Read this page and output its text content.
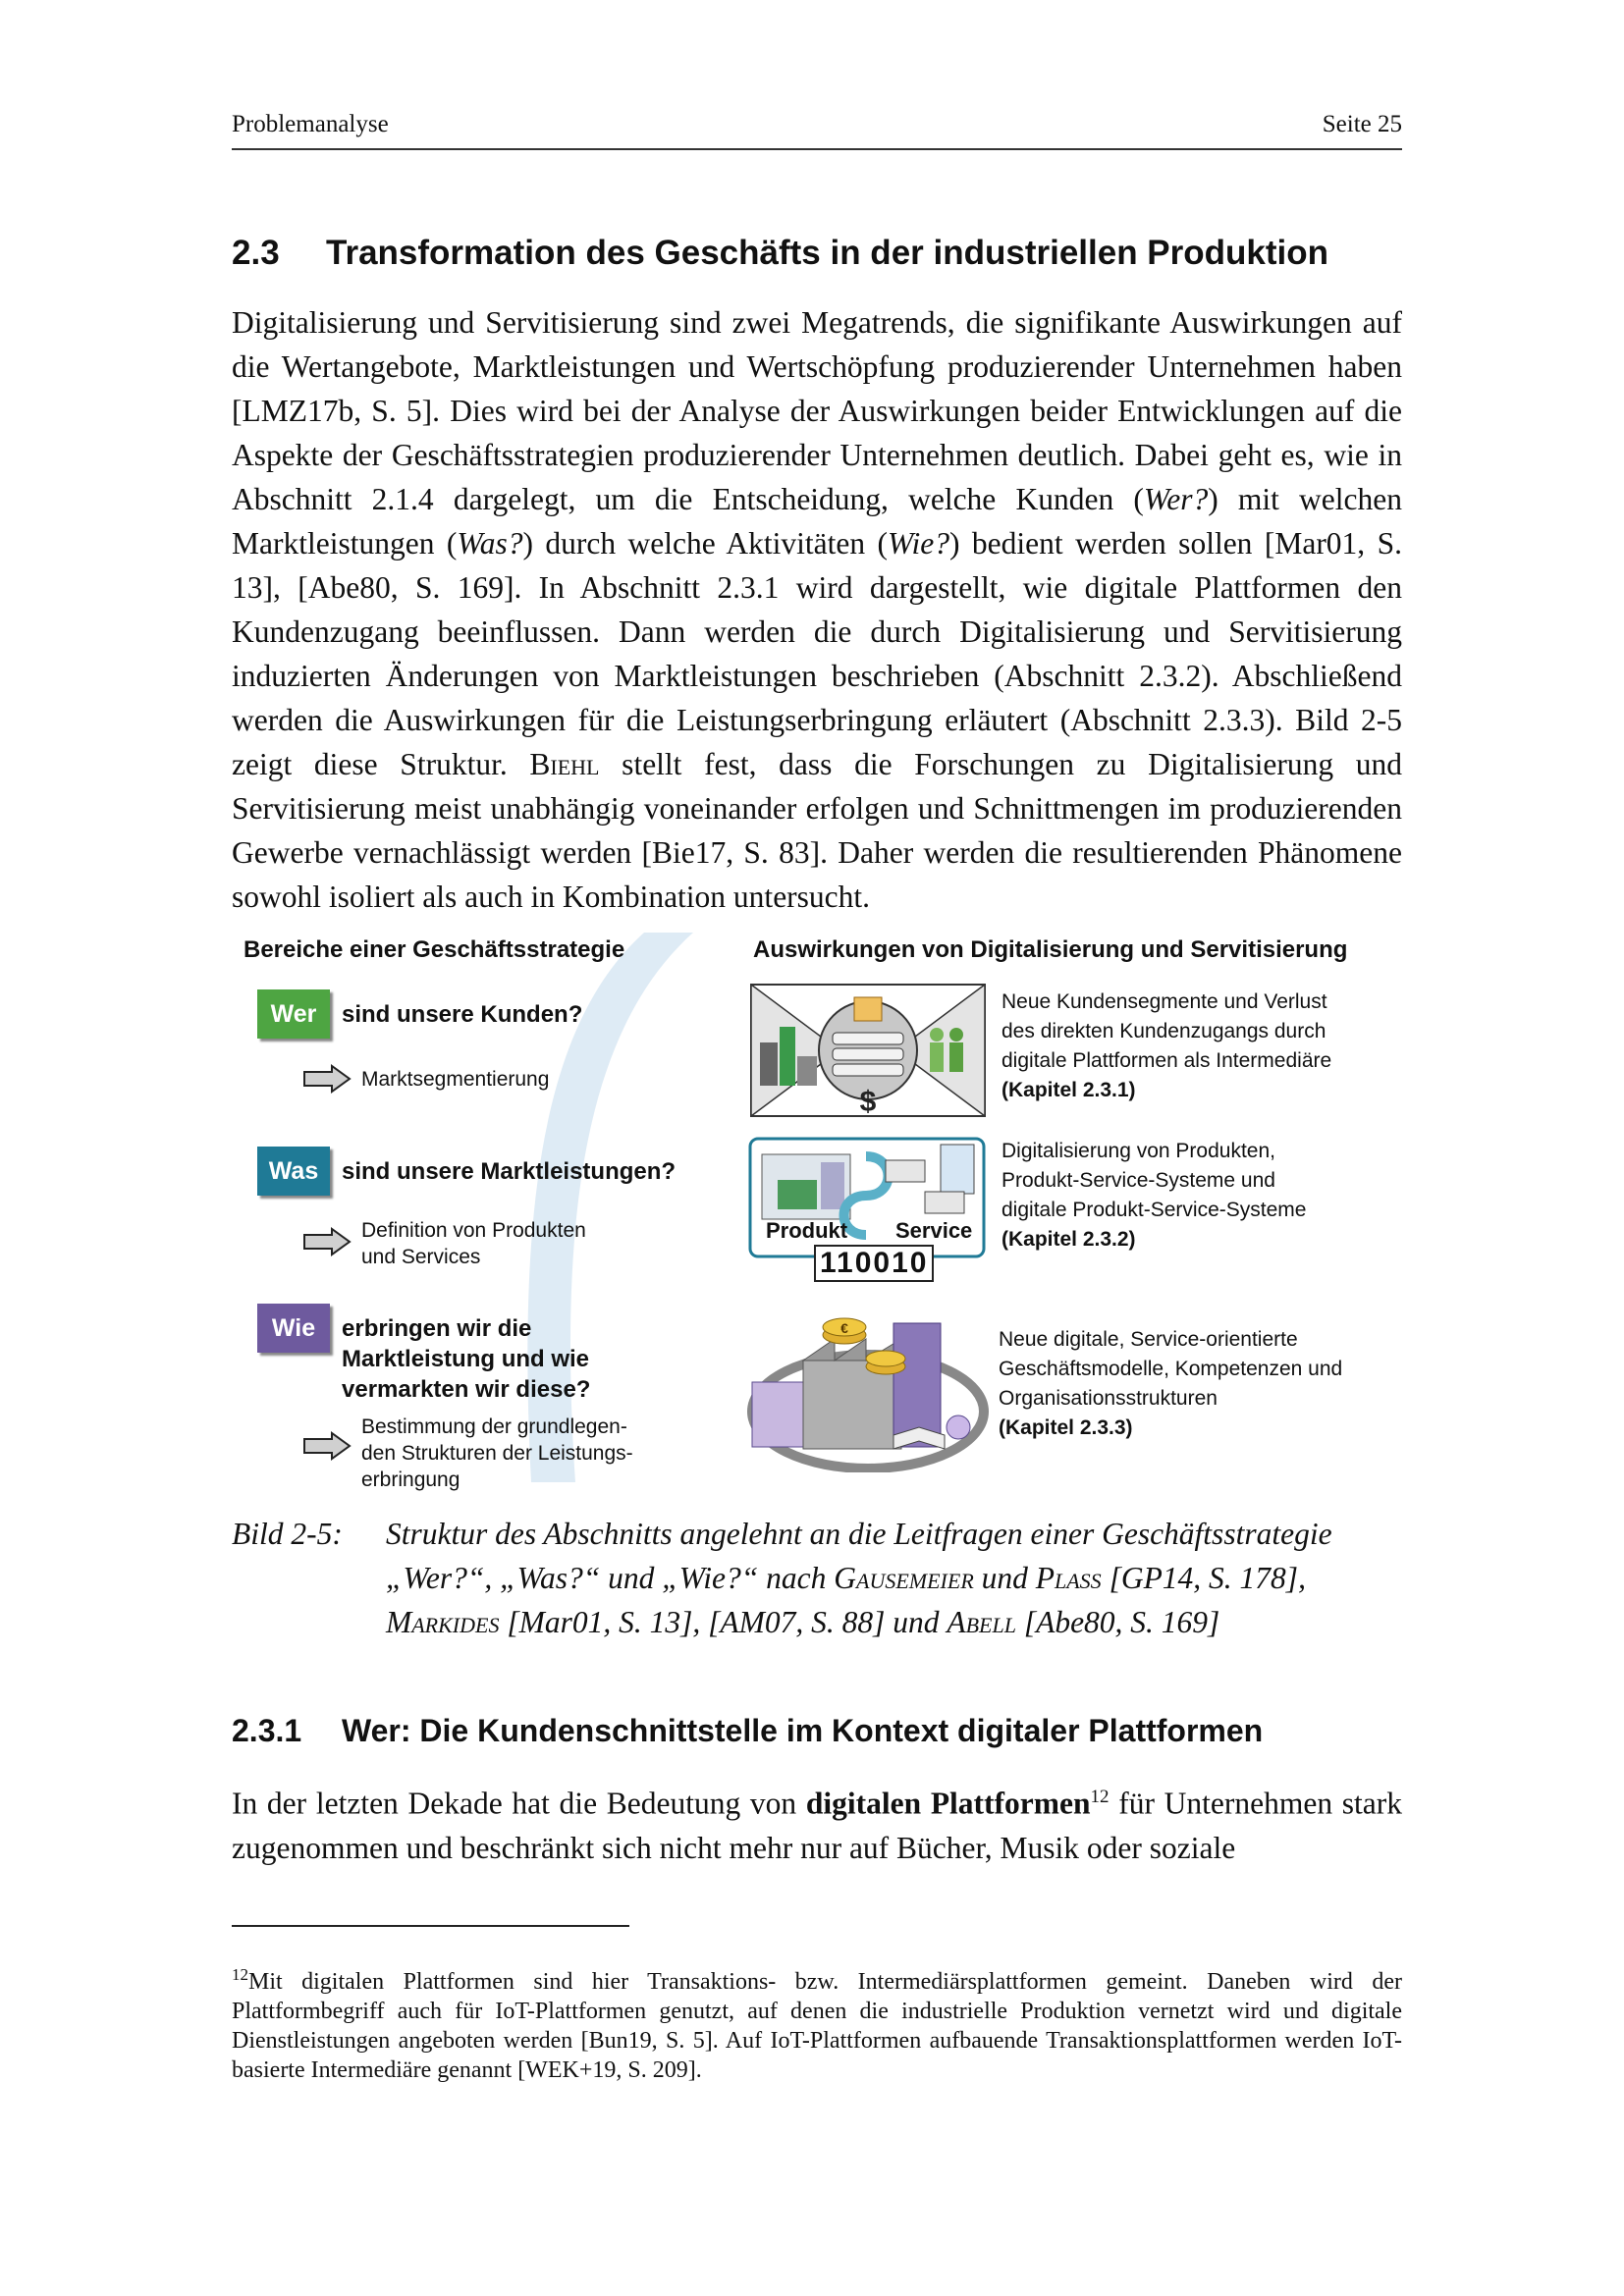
Problemanalyse	Seite 25
2.3 Transformation des Geschäfts in der industriellen Produktion

Digitalisierung und Servitisierung sind zwei Megatrends, die signifikante Auswirkungen auf die Wertangebote, Marktleistungen und Wertschöpfung produzierender Unternehmen haben [LMZ17b, S. 5]. Dies wird bei der Analyse der Auswirkungen beider Entwicklungen auf die Aspekte der Geschäftsstrategien produzierender Unternehmen deutlich. Dabei geht es, wie in Abschnitt 2.1.4 dargelegt, um die Entscheidung, welche Kunden (Wer?) mit welchen Marktleistungen (Was?) durch welche Aktivitäten (Wie?) bedient werden sollen [Mar01, S. 13], [Abe80, S. 169]. In Abschnitt 2.3.1 wird dargestellt, wie digitale Plattformen den Kundenzugang beeinflussen. Dann werden die durch Digitalisierung und Servitisierung induzierten Änderungen von Marktleistungen beschrieben (Abschnitt 2.3.2). Abschließend werden die Auswirkungen für die Leistungserbringung erläutert (Abschnitt 2.3.3). Bild 2-5 zeigt diese Struktur. Biehl stellt fest, dass die Forschungen zu Digitalisierung und Servitisierung meist unabhängig voneinander erfolgen und Schnittmengen im produzierenden Gewerbe vernachlässigt werden [Bie17, S. 83]. Daher werden die resultierenden Phänomene sowohl isoliert als auch in Kombination untersucht.

Bereiche einer Geschäftsstrategie	Auswirkungen von Digitalisierung und Servitisierung
Wer	sind unsere Kunden?
Marktsegmentierung
Was sind unsere Marktleistungen?
Definition von Produkten
und Services
Wie	erbringen wir die
Marktleistung und wie
vermarkten wir diese?
Bestimmung der grundlegen-
den Strukturen der Leistungs-
erbringung
$
Neue Kundensegmente und Verlust
des direkten Kundenzugangs durch
digitale Plattformen als Intermediäre
(Kapitel 2.3.1)
Produkt Service
110010
Digitalisierung von Produkten,
Produkt-Service-Systeme und
digitale Produkt-Service-Systeme
(Kapitel 2.3.2)
€	Neue digitale, Service-orientierte
Geschäftsmodelle, Kompetenzen und
Organisationsstrukturen
(Kapitel 2.3.3)
Bild 2-5: Struktur des Abschnitts angelehnt an die Leitfragen einer Geschäftsstrategie „Wer?“, „Was?“ und „Wie?“ nach Gausemeier und Plass [GP14, S. 178], Markides [Mar01, S. 13], [AM07, S. 88] und Abell [Abe80, S. 169]
2.3.1 Wer: Die Kundenschnittstelle im Kontext digitaler Plattformen

In der letzten Dekade hat die Bedeutung von digitalen Plattformen$^{12}$ für Unternehmen stark zugenommen und beschränkt sich nicht mehr nur auf Bücher, Musik oder soziale

$^{12}$Mit digitalen Plattformen sind hier Transaktions- bzw. Intermediärsplattformen gemeint. Daneben wird der Plattformbegriff auch für IoT-Plattformen genutzt, auf denen die industrielle Produktion vernetzt wird und digitale Dienstleistungen angeboten werden [Bun19, S. 5]. Auf IoT-Plattformen aufbauende Transaktionsplattformen werden IoT-basierte Intermediäre genannt [WEK+19, S. 209].
